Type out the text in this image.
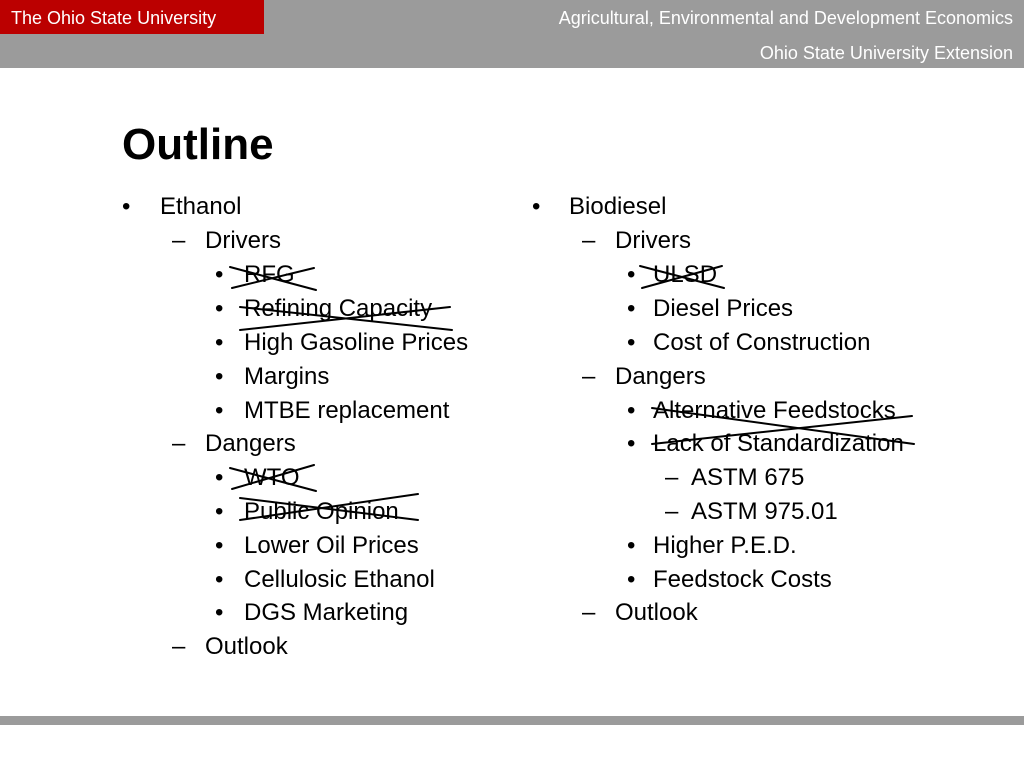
The Ohio State University	Agricultural, Environmental and Development Economics
Ohio State University Extension
Outline
• Ethanol
– Drivers
• RFG
• Refining Capacity
• High Gasoline Prices
• Margins
• MTBE replacement
– Dangers
• WTO
• Public Opinion
• Lower Oil Prices
• Cellulosic Ethanol
• DGS Marketing
– Outlook
• Biodiesel
– Drivers
• ULSD
• Diesel Prices
• Cost of Construction
– Dangers
• Alternative Feedstocks
• Lack of Standardization
– ASTM 675
– ASTM 975.01
• Higher P.E.D.
• Feedstock Costs
– Outlook
